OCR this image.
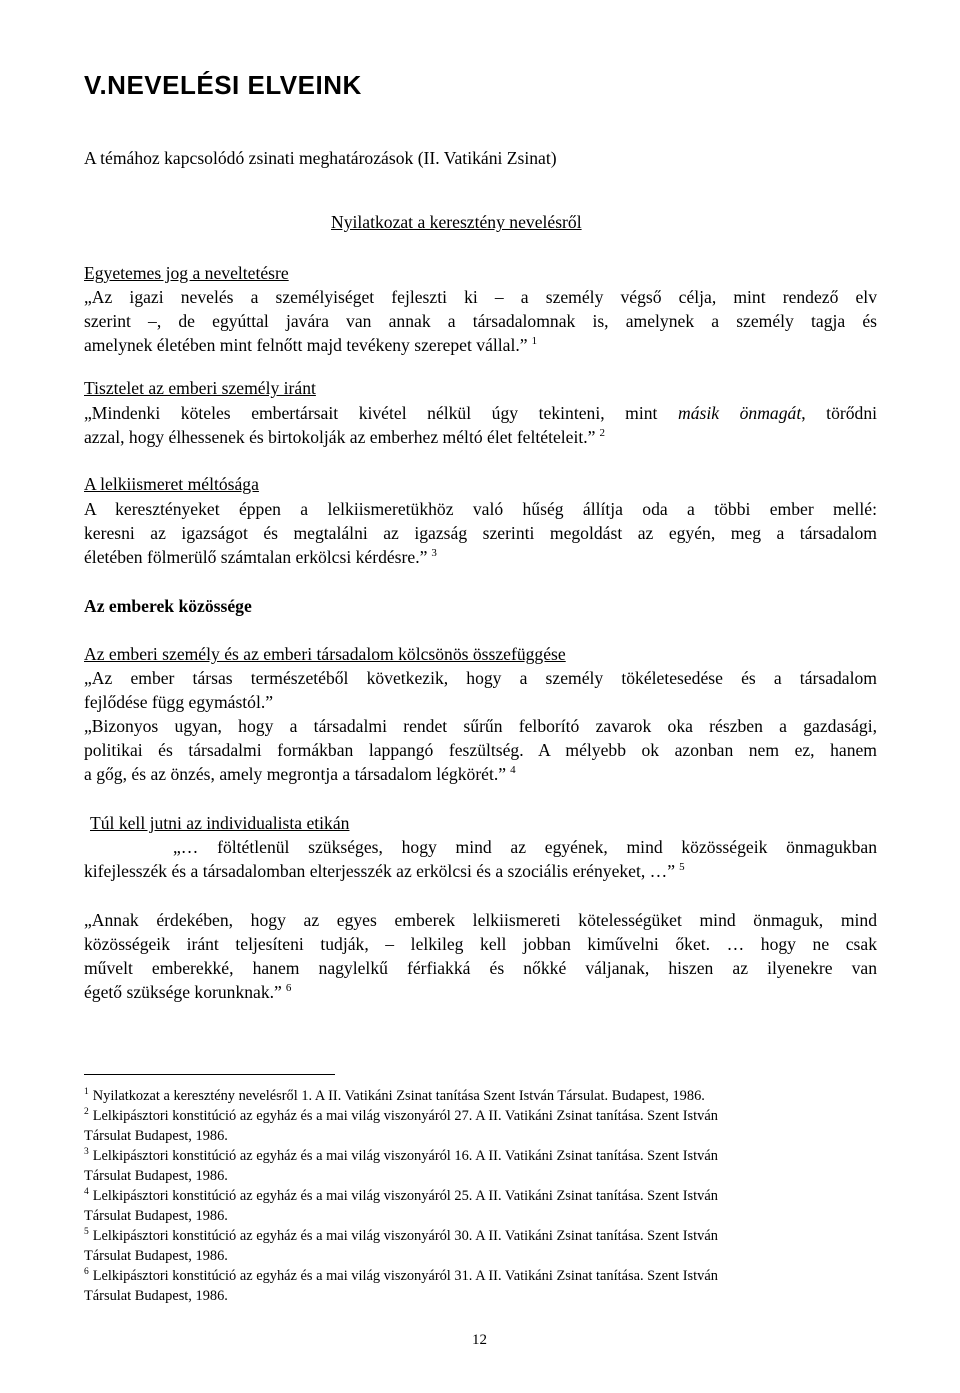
V.NEVELÉSI ELVEINK
A témához kapcsolódó zsinati meghatározások (II. Vatikáni Zsinat)
Nyilatkozat a keresztény nevelésről
Egyetemes jog a neveltetésre
„Az igazi nevelés a személyiséget fejleszti ki – a személy végső célja, mint rendező elv
szerint –, de egyúttal javára van annak a társadalomnak is, amelynek a személy tagja és
amelynek életében mint felnőtt majd tevékeny szerepet vállal.” $^1$
Tisztelet az emberi személy iránt
„Mindenki köteles embertársait kivétel nélkül úgy tekinteni, mint másik önmagát, törődni
azzal, hogy élhessenek és birtokolják az emberhez méltó élet feltételeit.” $^2$
A lelkiismeret méltósága
A keresztényeket éppen a lelkiismeretükhöz való hűség állítja oda a többi ember mellé:
keresni az igazságot és megtalálni az igazság szerinti megoldást az egyén, meg a társadalom
életében fölmerülő számtalan erkölcsi kérdésre.” $^3$
Az emberek közössége
Az emberi személy és az emberi társadalom kölcsönös összefüggése
„Az ember társas természetéből következik, hogy a személy tökéletesedése és a társadalom
fejlődése függ egymástól.”
„Bizonyos ugyan, hogy a társadalmi rendet sűrűn felborító zavarok oka részben a gazdasági,
politikai és társadalmi formákban lappangó feszültség. A mélyebb ok azonban nem ez, hanem
a gőg, és az önzés, amely megrontja a társadalom légkörét.” $^4$
Túl kell jutni az individualista etikán
„… föltétlenül szükséges, hogy mind az egyének, mind közösségeik önmagukban
kifejlesszék és a társadalomban elterjesszék az erkölcsi és a szociális erényeket, …” $^5$
„Annak érdekében, hogy az egyes emberek lelkiismereti kötelességüket mind önmaguk, mind
közösségeik iránt teljesíteni tudják, – lelkileg kell jobban kiművelni őket. … hogy ne csak
művelt emberekké, hanem nagylelkű férfiakká és nőkké váljanak, hiszen az ilyenekre van
égető szüksége korunknak.” $^6$
$^1$ Nyilatkozat a keresztény nevelésről 1. A II. Vatikáni Zsinat tanítása Szent István Társulat. Budapest, 1986.
$^2$ Lelkipásztori konstitúció az egyház és a mai világ viszonyáról 27. A II. Vatikáni Zsinat tanítása. Szent István
Társulat Budapest, 1986.
$^3$ Lelkipásztori konstitúció az egyház és a mai világ viszonyáról 16. A II. Vatikáni Zsinat tanítása. Szent István
Társulat Budapest, 1986.
$^4$ Lelkipásztori konstitúció az egyház és a mai világ viszonyáról 25. A II. Vatikáni Zsinat tanítása. Szent István
Társulat Budapest, 1986.
$^5$ Lelkipásztori konstitúció az egyház és a mai világ viszonyáról 30. A II. Vatikáni Zsinat tanítása. Szent István
Társulat Budapest, 1986.
$^6$ Lelkipásztori konstitúció az egyház és a mai világ viszonyáról 31. A II. Vatikáni Zsinat tanítása. Szent István
Társulat Budapest, 1986.
12
